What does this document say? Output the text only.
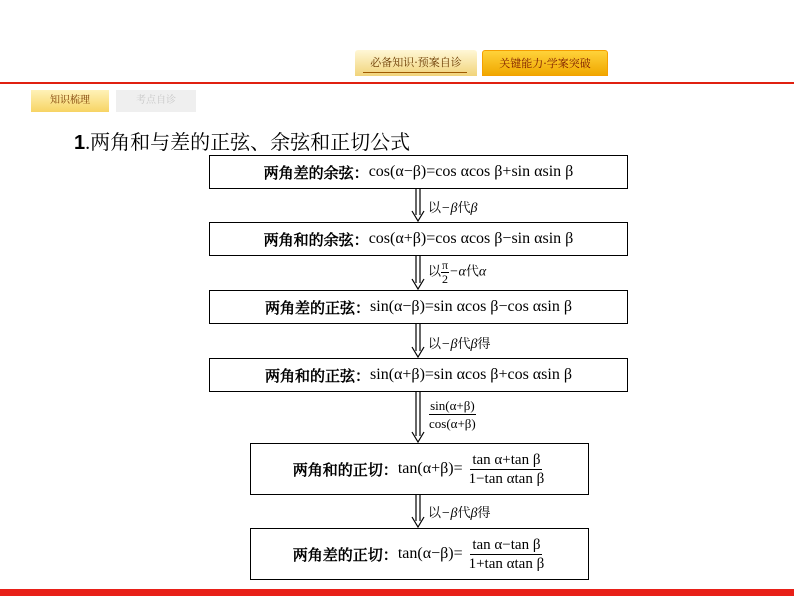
必备知识·预案自诊	关键能力·学案突破
知识梳理	考点自诊
1.两角和与差的正弦、余弦和正切公式
以−β代β
以 $\frac{\pi}{2} -\alpha$代α
以−β代β得
$\frac{\sin(\alpha+\beta)}{\cos(\alpha+\beta)}$
以−β代β得
两角差的余弦： cos(α−β)=cos αcos β+sin αsin β
两角和的余弦： cos(α+β)=cos αcos β−sin αsin β
两角差的正弦： sin(α−β)=sin αcos β−cos αsin β
两角和的正弦： sin(α+β)=sin αcos β+cos αsin β
两角和的正切： $\tan(\alpha+\beta)= \frac{\text{tan α+tan β}}{\text{1−tan αtan β}}$
两角差的正切： $\tan(\alpha-\beta)= \frac{\text{tan α−tan β}}{\text{1+tan αtan β}}$
